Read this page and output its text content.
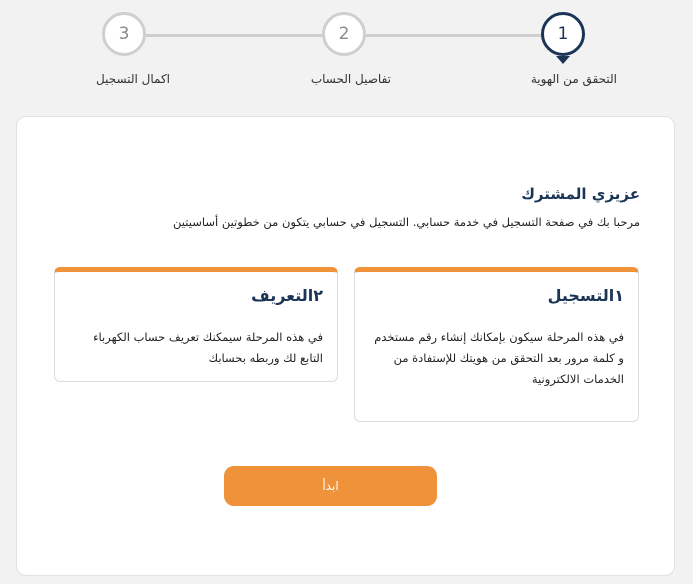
1
التحقق من الهوية
2
تفاصيل الحساب
3
اكمال التسجيل
عزيزي المشترك
مرحبا بك في صفحة التسجيل في خدمة حسابي. التسجيل في حسابي يتكون من خطوتين أساسيتين
١التسجيل
في هذه المرحلة سيكون بإمكانك إنشاء رقم مستخدم و كلمة مرور بعد التحقق من هويتك للإستفادة من الخدمات الالكترونية
٢التعريف
في هذه المرحلة سيمكنك تعريف حساب الكهرباء التابع لك وربطه بحسابك
ابدأ
